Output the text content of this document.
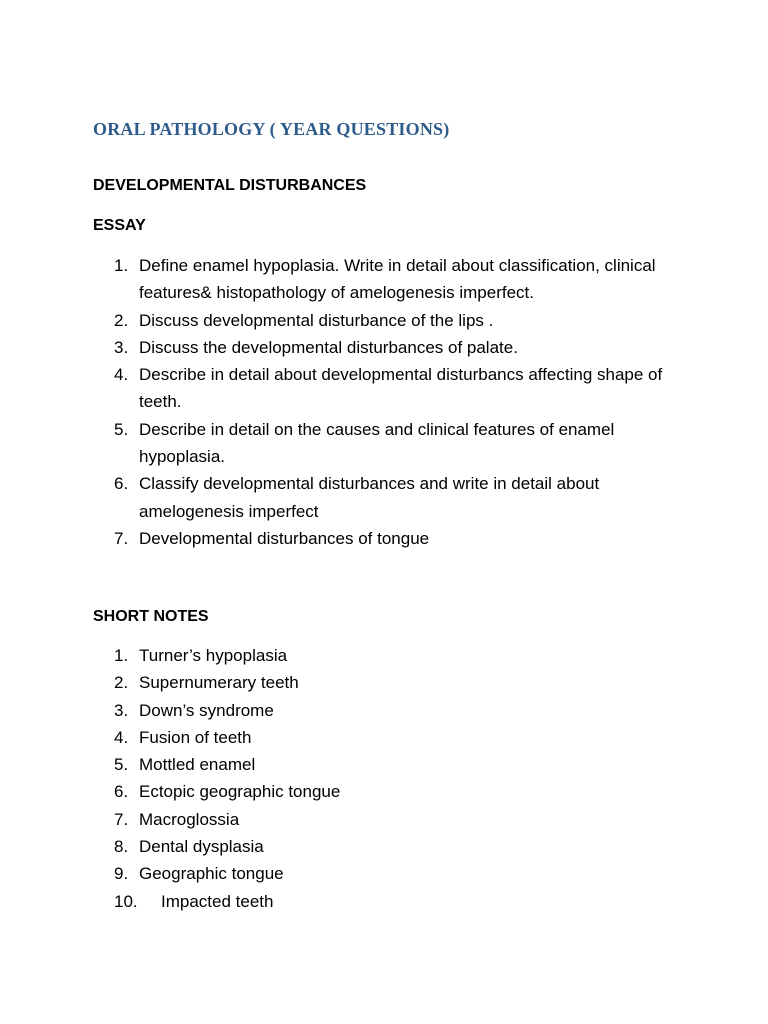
ORAL PATHOLOGY ( YEAR QUESTIONS)
DEVELOPMENTAL DISTURBANCES
ESSAY
1. Define enamel hypoplasia. Write in detail about classification, clinical features& histopathology of amelogenesis imperfect.
2. Discuss developmental disturbance of the lips .
3. Discuss the developmental disturbances of palate.
4. Describe in detail about developmental disturbancs affecting shape of teeth.
5. Describe in detail on the causes and clinical features of enamel hypoplasia.
6. Classify developmental disturbances and write in detail about amelogenesis imperfect
7. Developmental disturbances of tongue
SHORT NOTES
1. Turner’s hypoplasia
2. Supernumerary teeth
3. Down’s syndrome
4. Fusion of teeth
5. Mottled enamel
6. Ectopic geographic tongue
7. Macroglossia
8. Dental dysplasia
9. Geographic tongue
10. Impacted teeth
